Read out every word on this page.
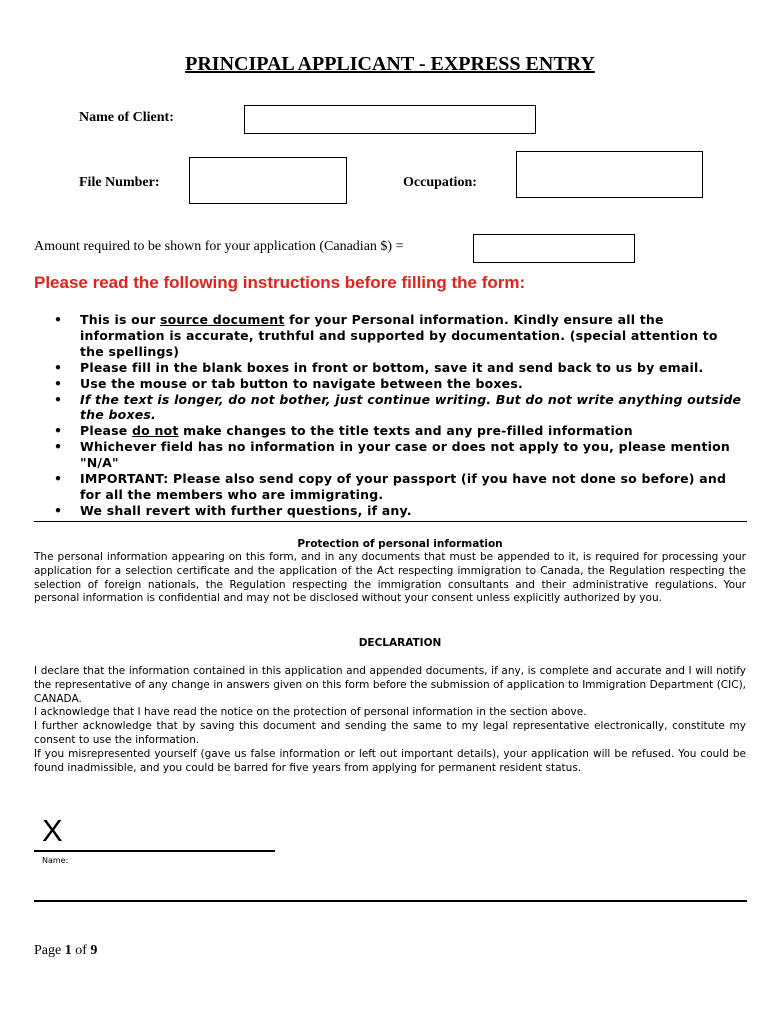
PRINCIPAL APPLICANT - EXPRESS ENTRY
Name of Client:
File Number:	Occupation:
Amount required to be shown for your application (Canadian $) =
Please read the following instructions before filling the form:
• This is our source document for your Personal information. Kindly ensure all the information is accurate, truthful and supported by documentation. (special attention to the spellings)
• Please fill in the blank boxes in front or bottom, save it and send back to us by email.
• Use the mouse or tab button to navigate between the boxes.
• If the text is longer, do not bother, just continue writing. But do not write anything outside the boxes.
• Please do not make changes to the title texts and any pre-filled information
• Whichever field has no information in your case or does not apply to you, please mention "N/A"
• IMPORTANT: Please also send copy of your passport (if you have not done so before) and for all the members who are immigrating.
• We shall revert with further questions, if any.
Protection of personal information
The personal information appearing on this form, and in any documents that must be appended to it, is required for processing your application for a selection certificate and the application of the Act respecting immigration to Canada, the Regulation respecting the selection of foreign nationals, the Regulation respecting the immigration consultants and their administrative regulations. Your personal information is confidential and may not be disclosed without your consent unless explicitly authorized by you.
DECLARATION

I declare that the information contained in this application and appended documents, if any, is complete and accurate and I will notify the representative of any change in answers given on this form before the submission of application to Immigration Department (CIC), CANADA.

I acknowledge that I have read the notice on the protection of personal information in the section above.

I further acknowledge that by saving this document and sending the same to my legal representative electronically, constitute my consent to use the information.

If you misrepresented yourself (gave us false information or left out important details), your application will be refused. You could be found inadmissible, and you could be barred for five years from applying for permanent resident status.

X
Name:
Page 1 of 9
